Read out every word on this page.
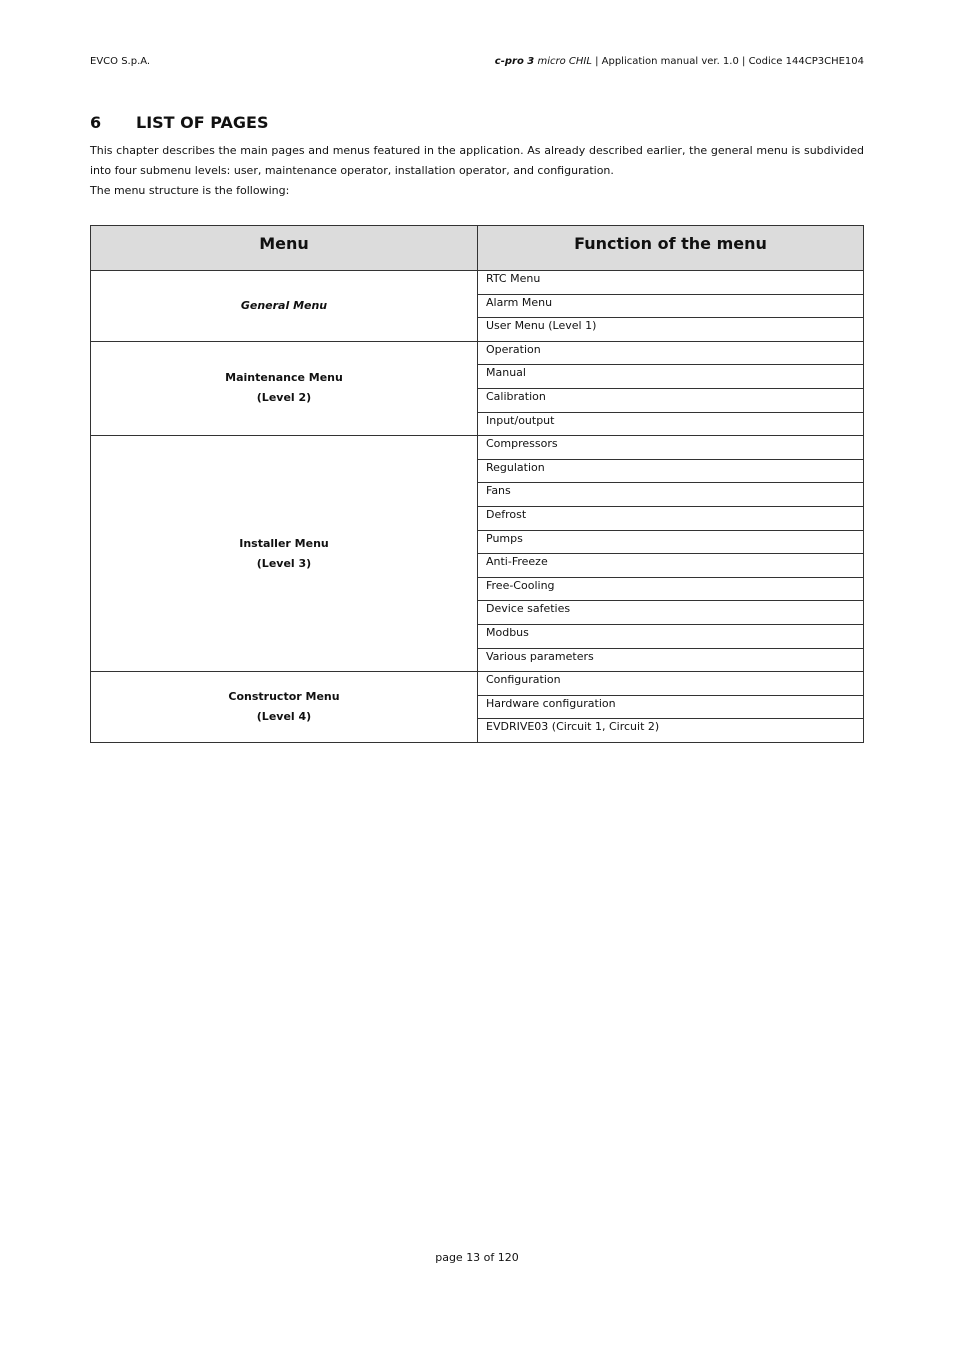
EVCO S.p.A.	c-pro 3 micro CHIL | Application manual ver. 1.0 | Codice 144CP3CHE104
6 LIST OF PAGES

This chapter describes the main pages and menus featured in the application. As already described earlier, the general menu is subdivided into four submenu levels: user, maintenance operator, installation operator, and configuration.

The menu structure is the following:

Menu	Function of the menu

General Menu	RTC Menu
	Alarm Menu
	User Menu (Level 1)

Maintenance Menu
(Level 2)	Operation
	Manual
	Calibration
	Input/output

Installer Menu
(Level 3)	Compressors
	Regulation
	Fans
	Defrost
	Pumps
	Anti-Freeze
	Free-Cooling
	Device safeties
	Modbus
	Various parameters

Constructor Menu
(Level 4)	Configuration
	Hardware configuration
	EVDRIVE03 (Circuit 1, Circuit 2)
page 13 of 120
